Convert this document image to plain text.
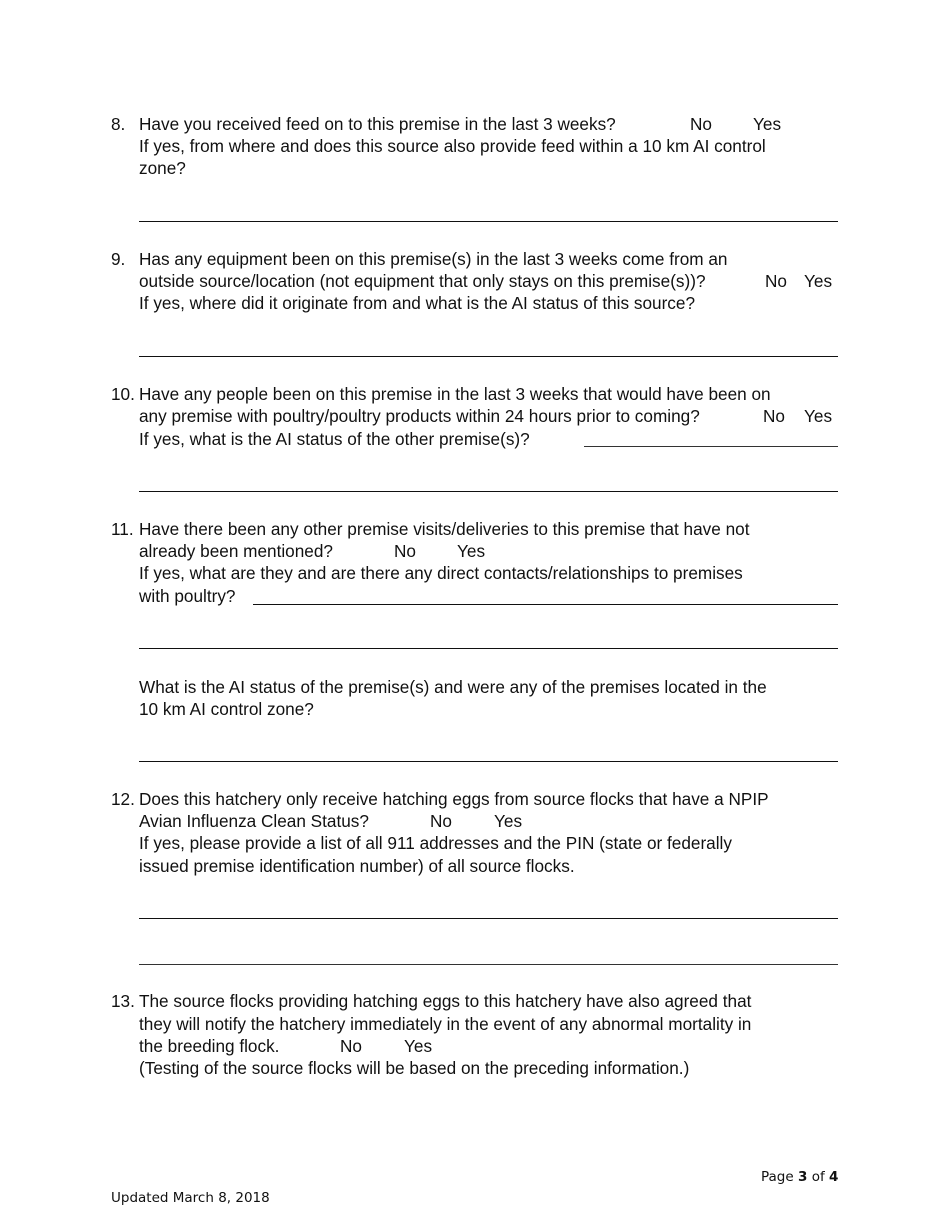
8. Have you received feed on to this premise in the last 3 weeks?	No Yes
If yes, from where and does this source also provide feed within a 10 km AI control
zone?
9. Has any equipment been on this premise(s) in the last 3 weeks come from an
outside source/location (not equipment that only stays on this premise(s))?	No Yes
If yes, where did it originate from and what is the AI status of this source?
10. Have any people been on this premise in the last 3 weeks that would have been on
any premise with poultry/poultry products within 24 hours prior to coming?	No Yes
If yes, what is the AI status of the other premise(s)?
11. Have there been any other premise visits/deliveries to this premise that have not
already been mentioned?	No Yes
If yes, what are they and are there any direct contacts/relationships to premises
with poultry?
What is the AI status of the premise(s) and were any of the premises located in the
10 km AI control zone?
12. Does this hatchery only receive hatching eggs from source flocks that have a NPIP
Avian Influenza Clean Status?	No Yes
If yes, please provide a list of all 911 addresses and the PIN (state or federally
issued premise identification number) of all source flocks.
13. The source flocks providing hatching eggs to this hatchery have also agreed that
they will notify the hatchery immediately in the event of any abnormal mortality in
the breeding flock.	No Yes
(Testing of the source flocks will be based on the preceding information.)
Page 3 of 4
Updated March 8, 2018
